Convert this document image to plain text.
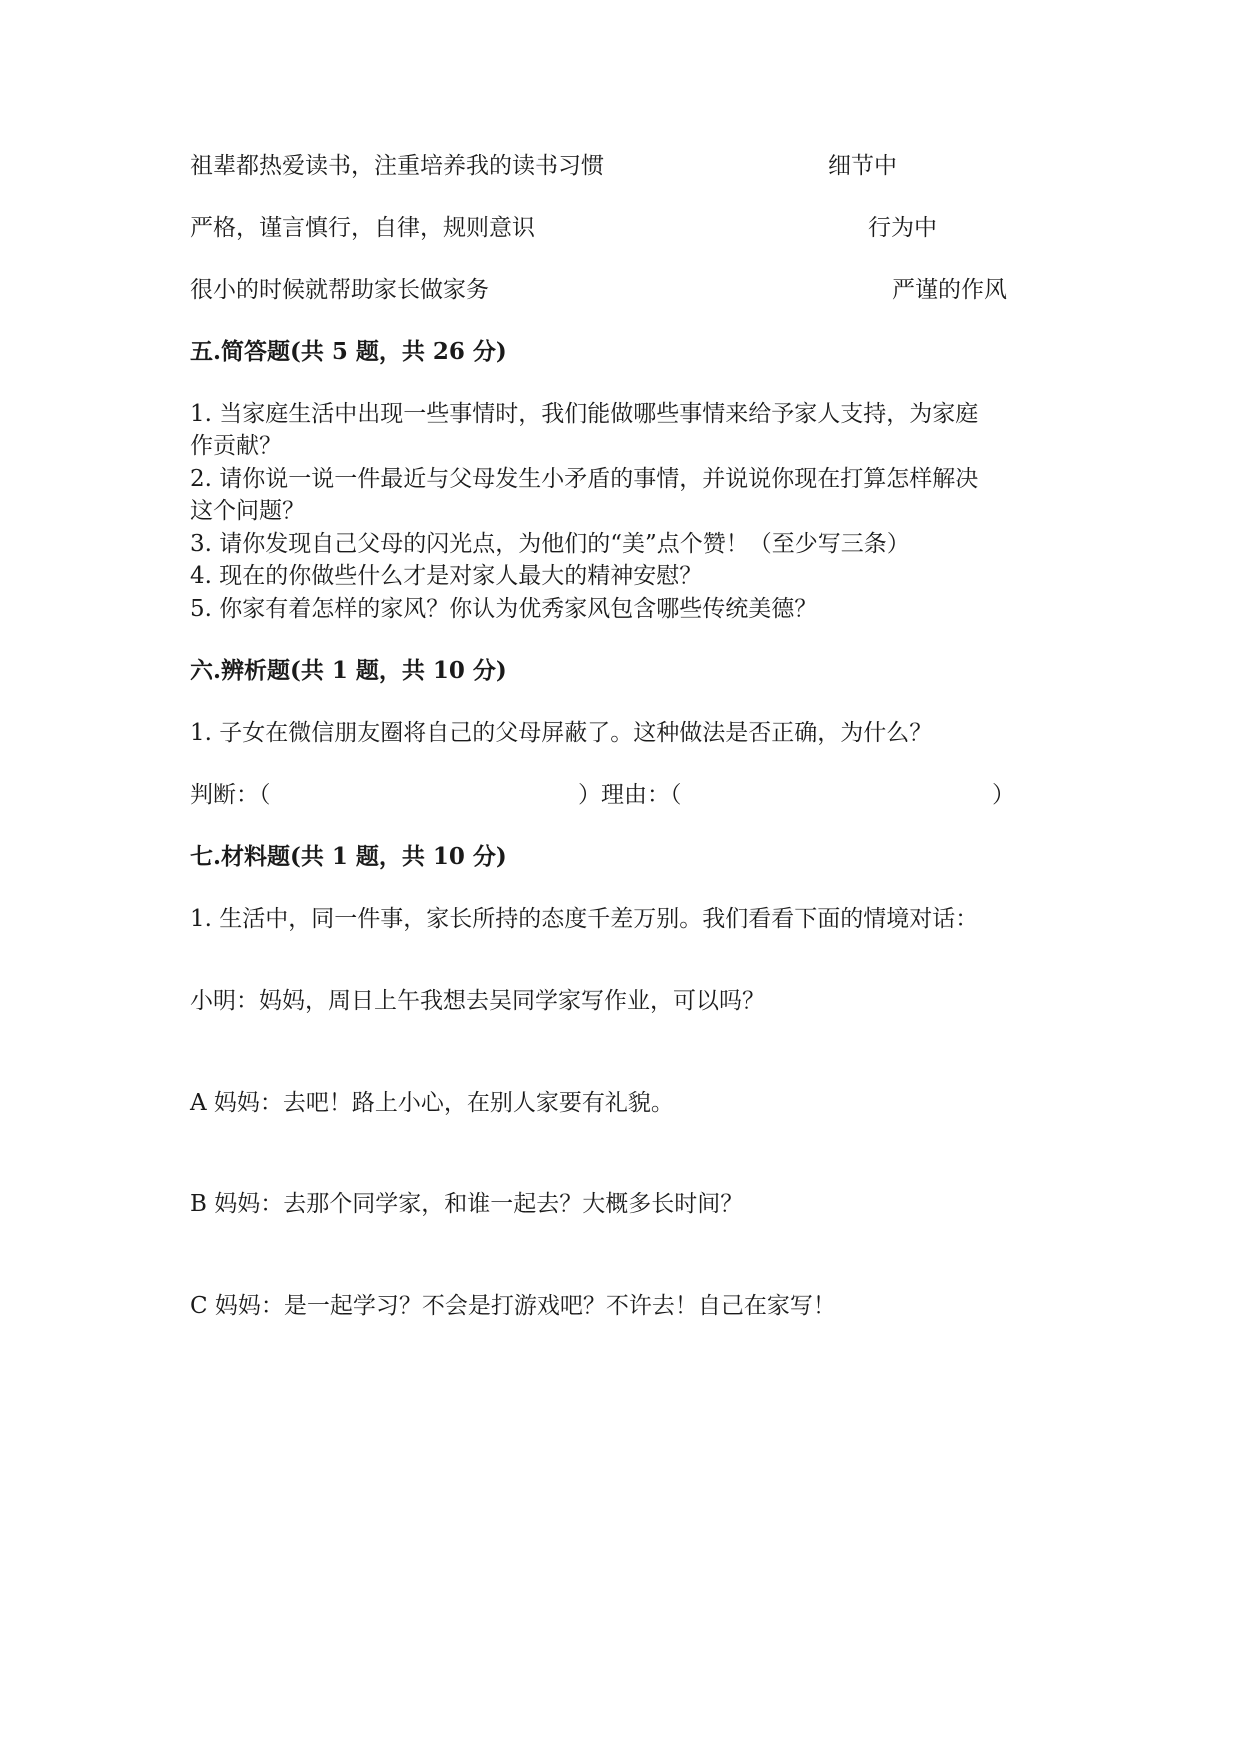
祖辈都热爱读书，注重培养我的读书习惯	细节中
严格，谨言慎行，自律，规则意识	行为中
很小的时候就帮助家长做家务	严谨的作风
五.简答题(共 5 题，共 26 分)
1. 当家庭生活中出现一些事情时，我们能做哪些事情来给予家人支持，为家庭
作贡献？
2. 请你说一说一件最近与父母发生小矛盾的事情，并说说你现在打算怎样解决
这个问题？
3. 请你发现自己父母的闪光点，为他们的“美”点个赞！（至少写三条）
4. 现在的你做些什么才是对家人最大的精神安慰？
5. 你家有着怎样的家风？你认为优秀家风包含哪些传统美德？
六.辨析题(共 1 题，共 10 分)
1. 子女在微信朋友圈将自己的父母屏蔽了。这种做法是否正确，为什么？
判断：（	）理由：（	）
七.材料题(共 1 题，共 10 分)
1. 生活中，同一件事，家长所持的态度千差万别。我们看看下面的情境对话：
小明：妈妈，周日上午我想去吴同学家写作业，可以吗？
A 妈妈：去吧！路上小心，在别人家要有礼貌。
B 妈妈：去那个同学家，和谁一起去？大概多长时间？
C 妈妈：是一起学习？不会是打游戏吧？不许去！自己在家写！
